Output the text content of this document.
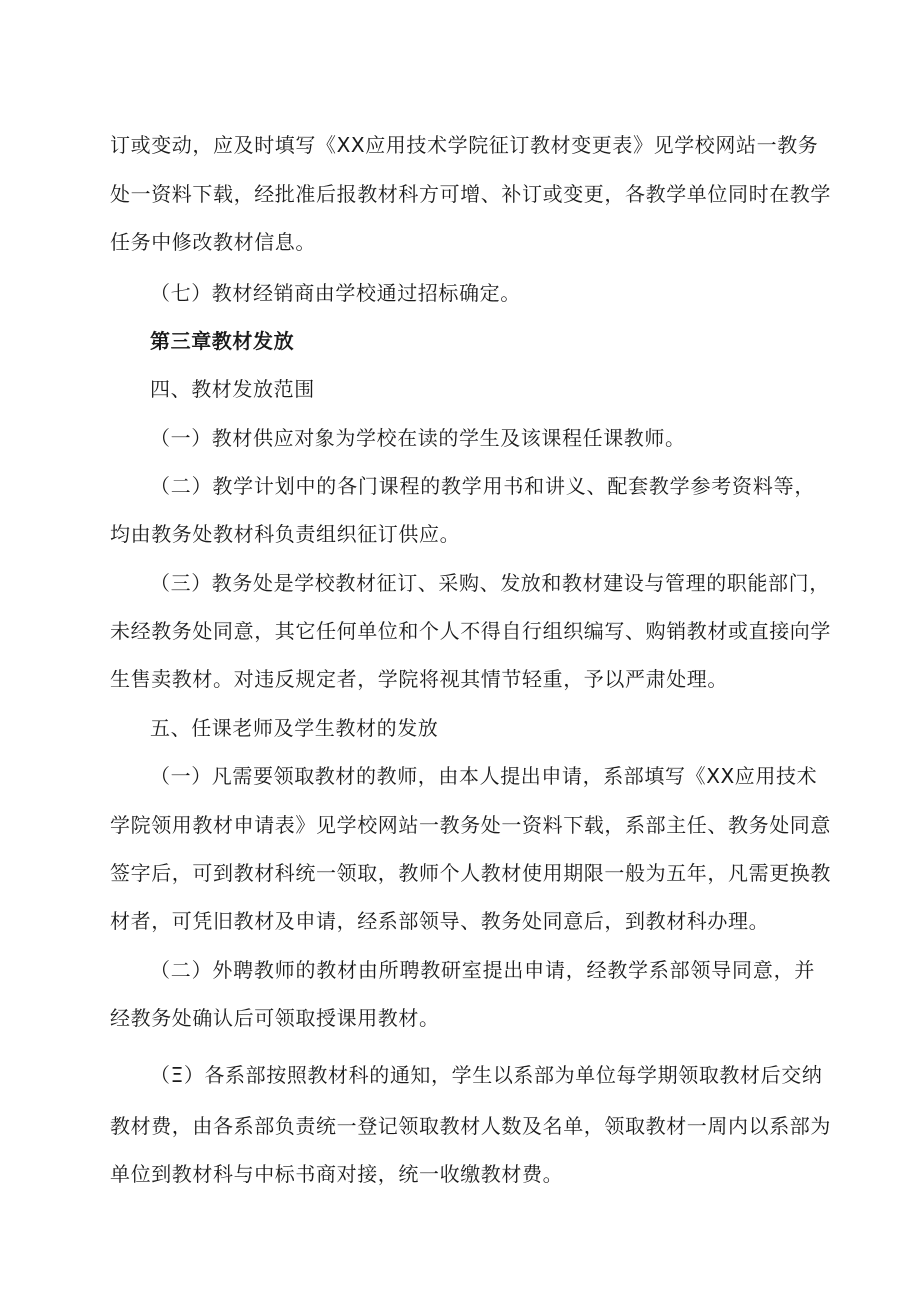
订或变动，应及时填写《XX应用技术学院征订教材变更表》见学校网站一教务
处一资料下载，经批准后报教材科方可增、补订或变更，各教学单位同时在教学
任务中修改教材信息。
（七）教材经销商由学校通过招标确定。
第三章教材发放
四、教材发放范围
（一）教材供应对象为学校在读的学生及该课程任课教师。
（二）教学计划中的各门课程的教学用书和讲义、配套教学参考资料等，
均由教务处教材科负责组织征订供应。
（三）教务处是学校教材征订、采购、发放和教材建设与管理的职能部门，
未经教务处同意，其它任何单位和个人不得自行组织编写、购销教材或直接向学
生售卖教材。对违反规定者，学院将视其情节轻重，予以严肃处理。
五、任课老师及学生教材的发放
（一）凡需要领取教材的教师，由本人提出申请，系部填写《XX应用技术
学院领用教材申请表》见学校网站一教务处一资料下载，系部主任、教务处同意
签字后，可到教材科统一领取，教师个人教材使用期限一般为五年，凡需更换教
材者，可凭旧教材及申请，经系部领导、教务处同意后，到教材科办理。
（二）外聘教师的教材由所聘教研室提出申请，经教学系部领导同意，并
经教务处确认后可领取授课用教材。
（Ξ）各系部按照教材科的通知，学生以系部为单位每学期领取教材后交纳
教材费，由各系部负责统一登记领取教材人数及名单，领取教材一周内以系部为
单位到教材科与中标书商对接，统一收缴教材费。
